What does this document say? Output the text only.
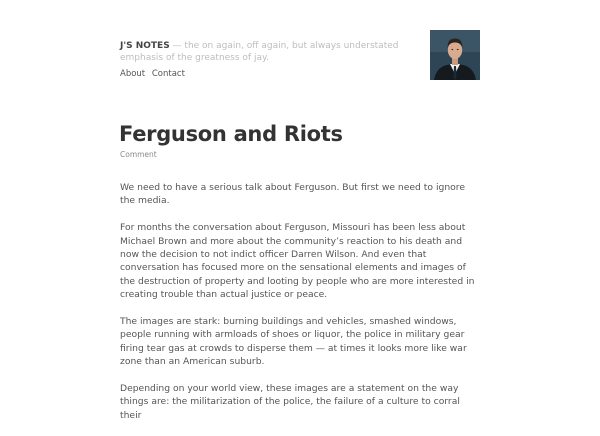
J'S NOTES — the on again, off again, but always understated emphasis of the greatness of jay.

About Contact
Ferguson and Riots
Comment

We need to have a serious talk about Ferguson. But first we need to ignore the media.

For months the conversation about Ferguson, Missouri has been less about Michael Brown and more about the community’s reaction to his death and now the decision to not indict officer Darren Wilson. And even that conversation has focused more on the sensational elements and images of the destruction of property and looting by people who are more interested in creating trouble than actual justice or peace.

The images are stark: burning buildings and vehicles, smashed windows, people running with armloads of shoes or liquor, the police in military gear firing tear gas at crowds to disperse them — at times it looks more like war zone than an American suburb.

Depending on your world view, these images are a statement on the way things are: the militarization of the police, the failure of a culture to corral their
